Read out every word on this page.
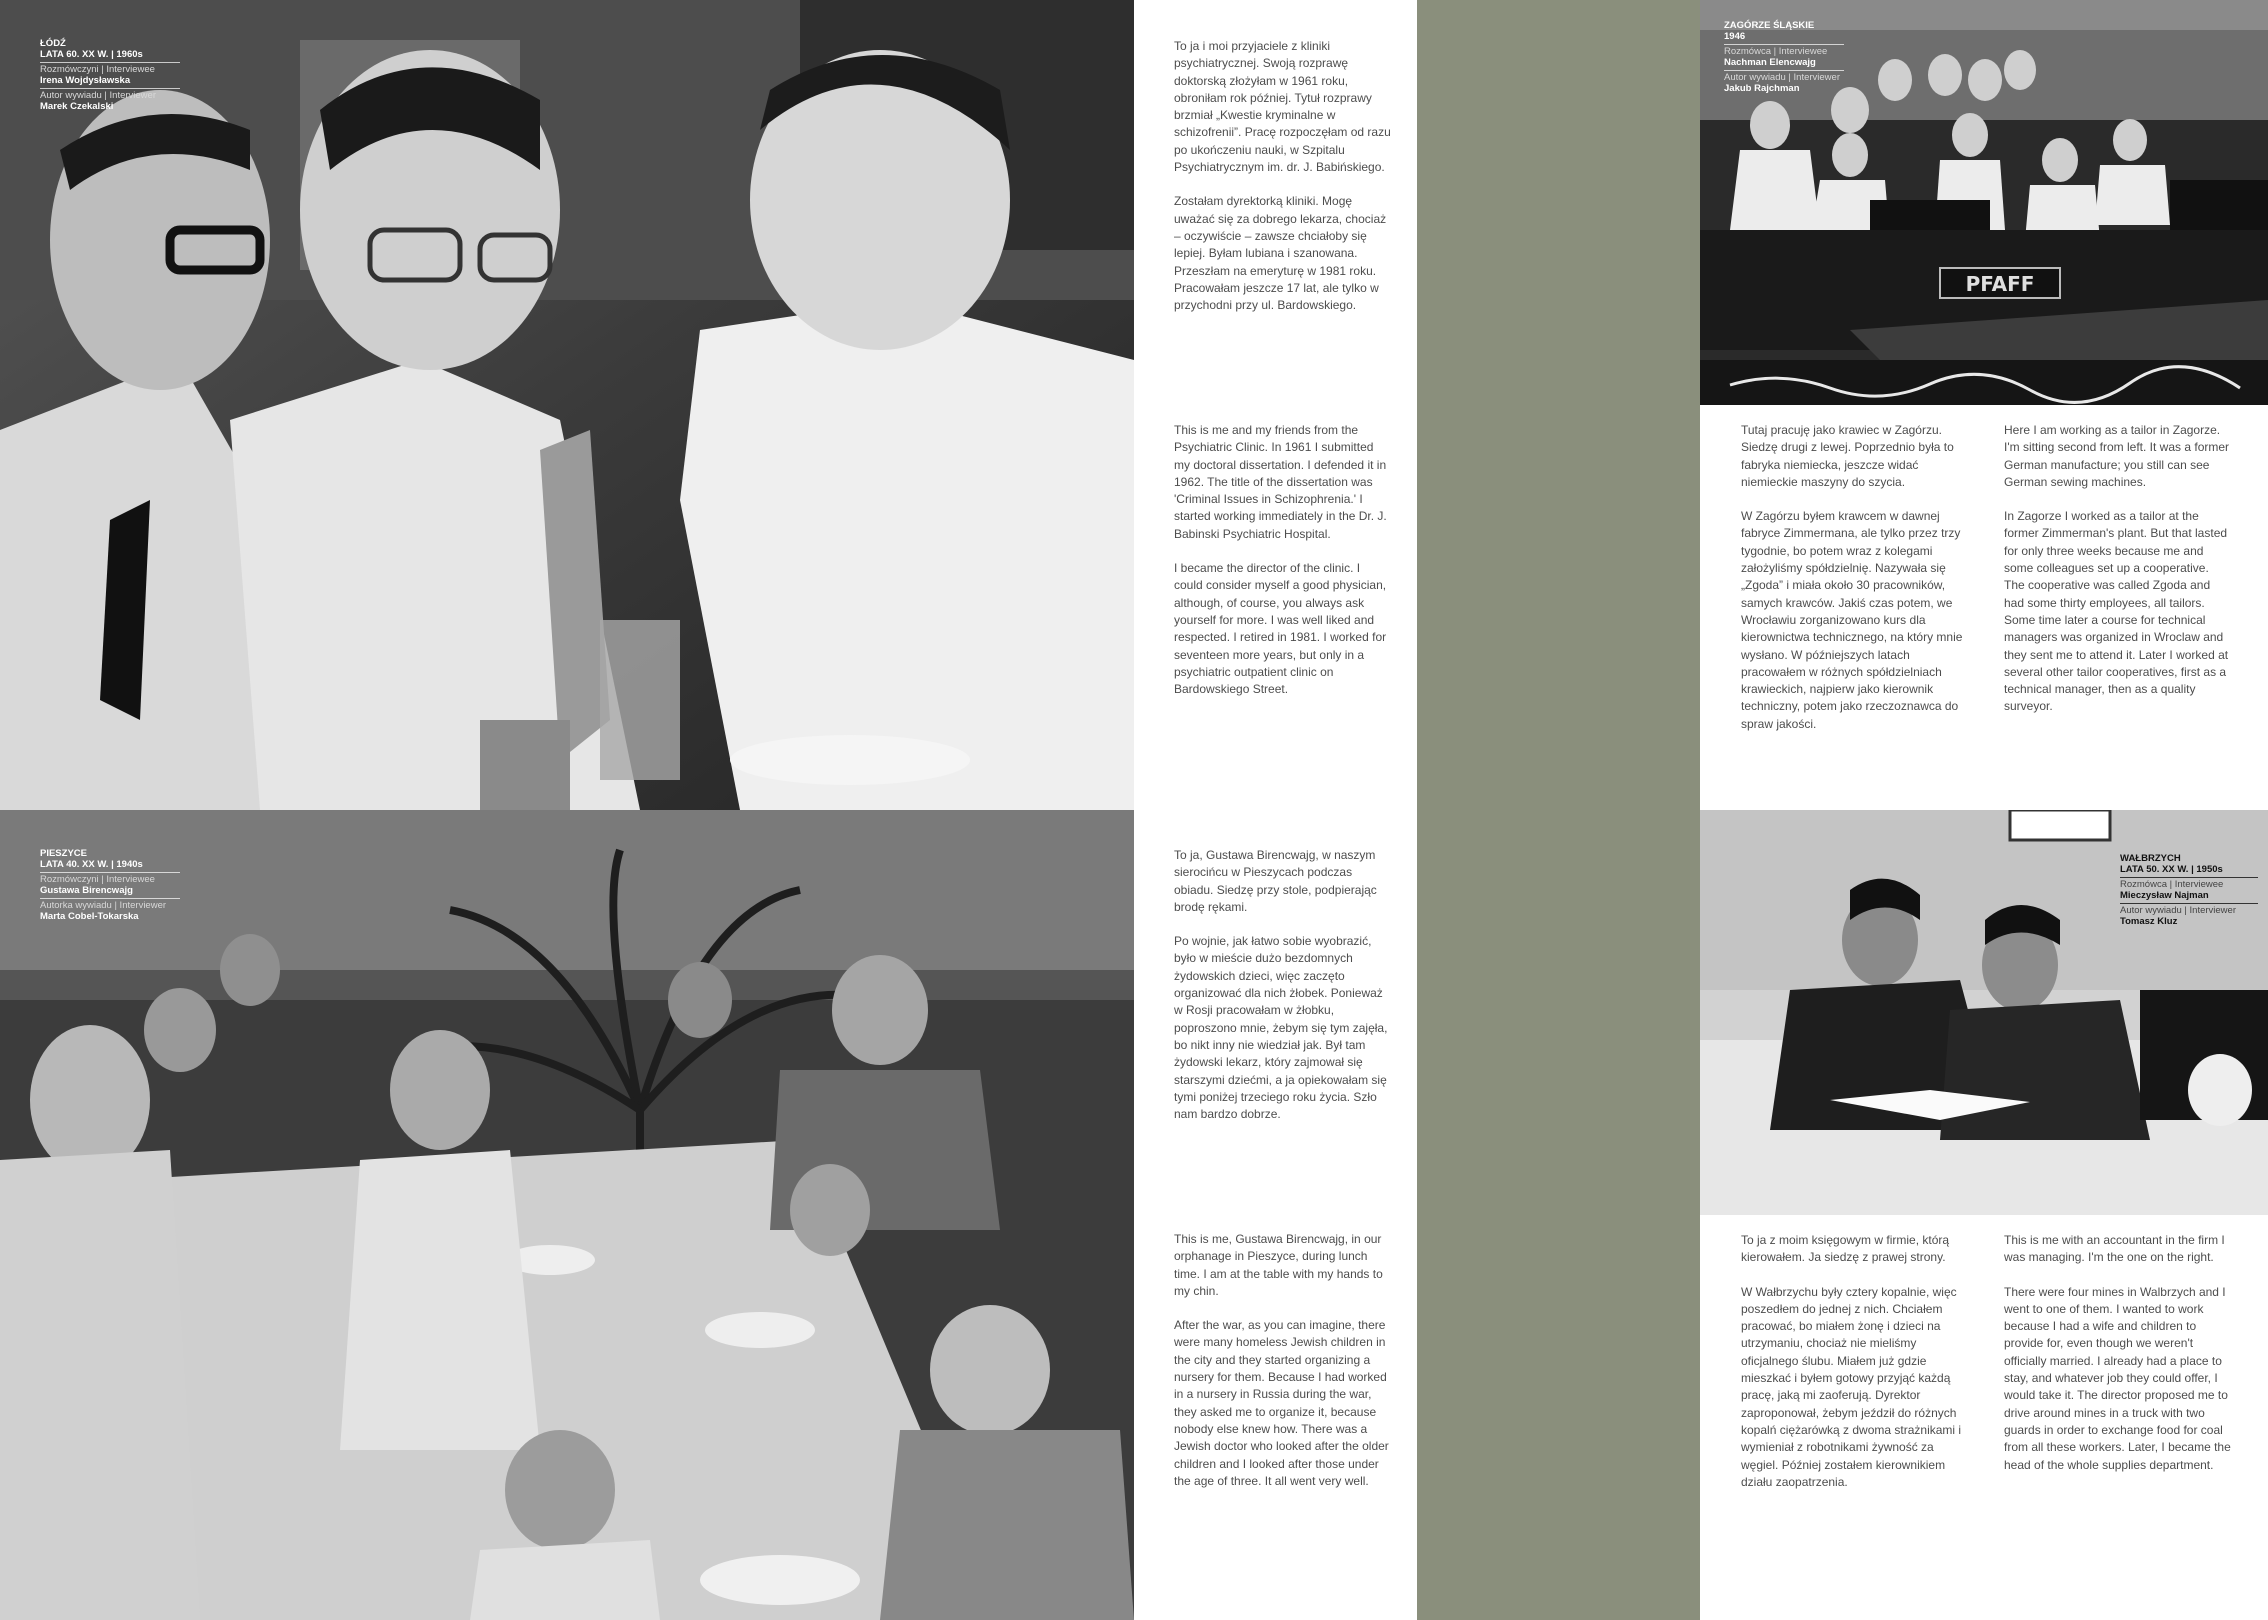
ŁÓDŹ
LATA 60. XX W. | 1960s
Rozmówczyni | Interviewee
Irena Wojdysławska
Autor wywiadu | Interviewer
Marek Czekalski
PIESZYCE
LATA 40. XX W. | 1940s
Rozmówczyni | Interviewee
Gustawa Birencwajg
Autorka wywiadu | Interviewer
Marta Cobel-Tokarska

To ja i moi przyjaciele z kliniki psychiatrycznej. Swoją rozprawę doktorską złożyłam w 1961 roku, obroniłam rok później. Tytuł rozprawy brzmiał „Kwestie kryminalne w schizofrenii”. Pracę rozpoczęłam od razu po ukończeniu nauki, w Szpitalu Psychiatrycznym im. dr. J. Babińskiego.

Zostałam dyrektorką kliniki. Mogę uważać się za dobrego lekarza, chociaż – oczywiście – zawsze chciałoby się lepiej. Byłam lubiana i szanowana. Przeszłam na emeryturę w 1981 roku. Pracowałam jeszcze 17 lat, ale tylko w przychodni przy ul. Bardowskiego.

This is me and my friends from the Psychiatric Clinic. In 1961 I submitted my doctoral dissertation. I defended it in 1962. The title of the dissertation was 'Criminal Issues in Schizophrenia.' I started working immediately in the Dr. J. Babinski Psychiatric Hospital.

I became the director of the clinic. I could consider myself a good physician, although, of course, you always ask yourself for more. I was well liked and respected. I retired in 1981. I worked for seventeen more years, but only in a psychiatric outpatient clinic on Bardowskiego Street.

To ja, Gustawa Birencwajg, w naszym sierocińcu w Pieszycach podczas obiadu. Siedzę przy stole, podpierając brodę rękami.

Po wojnie, jak łatwo sobie wyobrazić, było w mieście dużo bezdomnych żydowskich dzieci, więc zaczęto organizować dla nich żłobek. Ponieważ w Rosji pracowałam w żłobku, poproszono mnie, żebym się tym zajęła, bo nikt inny nie wiedział jak. Był tam żydowski lekarz, który zajmował się starszymi dziećmi, a ja opiekowałam się tymi poniżej trzeciego roku życia. Szło nam bardzo dobrze.

This is me, Gustawa Birencwajg, in our orphanage in Pieszyce, during lunch time. I am at the table with my hands to my chin.

After the war, as you can imagine, there were many homeless Jewish children in the city and they started organizing a nursery for them. Because I had worked in a nursery in Russia during the war, they asked me to organize it, because nobody else knew how. There was a Jewish doctor who looked after the older children and I looked after those under the age of three. It all went very well.

PFAFF
ZAGÓRZE ŚLĄSKIE
1946
Rozmówca | Interviewee
Nachman Elencwajg
Autor wywiadu | Interviewer
Jakub Rajchman
WAŁBRZYCH
LATA 50. XX W. | 1950s
Rozmówca | Interviewee
Mieczysław Najman
Autor wywiadu | Interviewer
Tomasz Kluz

Tutaj pracuję jako krawiec w Zagórzu. Siedzę drugi z lewej. Poprzednio była to fabryka niemiecka, jeszcze widać niemieckie maszyny do szycia.

W Zagórzu byłem krawcem w dawnej fabryce Zimmermana, ale tylko przez trzy tygodnie, bo potem wraz z kolegami założyliśmy spółdzielnię. Nazywała się „Zgoda” i miała około 30 pracowników, samych krawców. Jakiś czas potem, we Wrocławiu zorganizowano kurs dla kierownictwa technicznego, na który mnie wysłano. W późniejszych latach pracowałem w różnych spółdzielniach krawieckich, najpierw jako kierownik techniczny, potem jako rzeczoznawca do spraw jakości.

Here I am working as a tailor in Zagorze. I'm sitting second from left. It was a former German manufacture; you still can see German sewing machines.

In Zagorze I worked as a tailor at the former Zimmerman's plant. But that lasted for only three weeks because me and some colleagues set up a cooperative. The cooperative was called Zgoda and had some thirty employees, all tailors. Some time later a course for technical managers was organized in Wroclaw and they sent me to attend it. Later I worked at several other tailor cooperatives, first as a technical manager, then as a quality surveyor.

To ja z moim księgowym w firmie, którą kierowałem. Ja siedzę z prawej strony.

W Wałbrzychu były cztery kopalnie, więc poszedłem do jednej z nich. Chciałem pracować, bo miałem żonę i dzieci na utrzymaniu, chociaż nie mieliśmy oficjalnego ślubu. Miałem już gdzie mieszkać i byłem gotowy przyjąć każdą pracę, jaką mi zaoferują. Dyrektor zaproponował, żebym jeździł do różnych kopalń ciężarówką z dwoma strażnikami i wymieniał z robotnikami żywność za węgiel. Później zostałem kierownikiem działu zaopatrzenia.

This is me with an accountant in the firm I was managing. I'm the one on the right.

There were four mines in Walbrzych and I went to one of them. I wanted to work because I had a wife and children to provide for, even though we weren't officially married. I already had a place to stay, and whatever job they could offer, I would take it. The director proposed me to drive around mines in a truck with two guards in order to exchange food for coal from all these workers. Later, I became the head of the whole supplies department.
